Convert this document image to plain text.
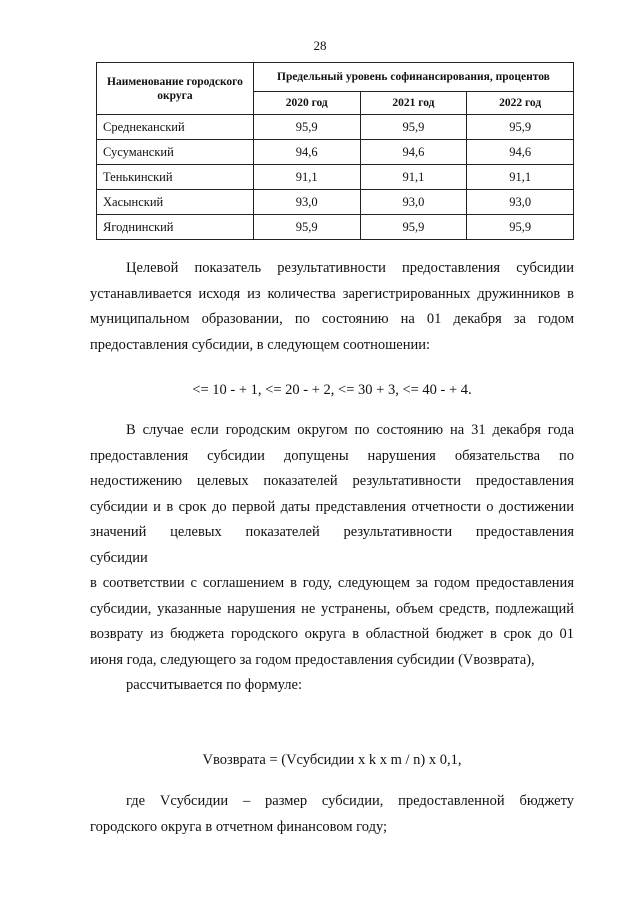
28
Наименование городского округа	Предельный уровень софинансирования, процентов		
	2020 год	2021 год	2022 год
Среднеканский	95,9	95,9	95,9
Сусуманский	94,6	94,6	94,6
Тенькинский	91,1	91,1	91,1
Хасынский	93,0	93,0	93,0
Ягоднинский	95,9	95,9	95,9

Целевой показатель результативности предоставления субсидии устанавливается исходя из количества зарегистрированных дружинников в муниципальном образовании, по состоянию на 01 декабря за годом предоставления субсидии, в следующем соотношении:

<= 10 - + 1, <= 20 - + 2, <= 30 + 3, <= 40 - + 4.

В случае если городским округом по состоянию на 31 декабря года предоставления субсидии допущены нарушения обязательства по недостижению целевых показателей результативности предоставления субсидии и в срок до первой даты представления отчетности о достижении значений целевых показателей результативности предоставления

субсидии

в соответствии с соглашением в году, следующем за годом предоставления субсидии, указанные нарушения не устранены, объем средств, подлежащий возврату из бюджета городского округа в областной бюджет в срок до 01 июня года, следующего за годом предоставления субсидии (Vвозврата),

рассчитывается по формуле:

Vвозврата = (Vсубсидии x k x m / n) x 0,1,

где Vсубсидии – размер субсидии, предоставленной бюджету городского округа в отчетном финансовом году;
